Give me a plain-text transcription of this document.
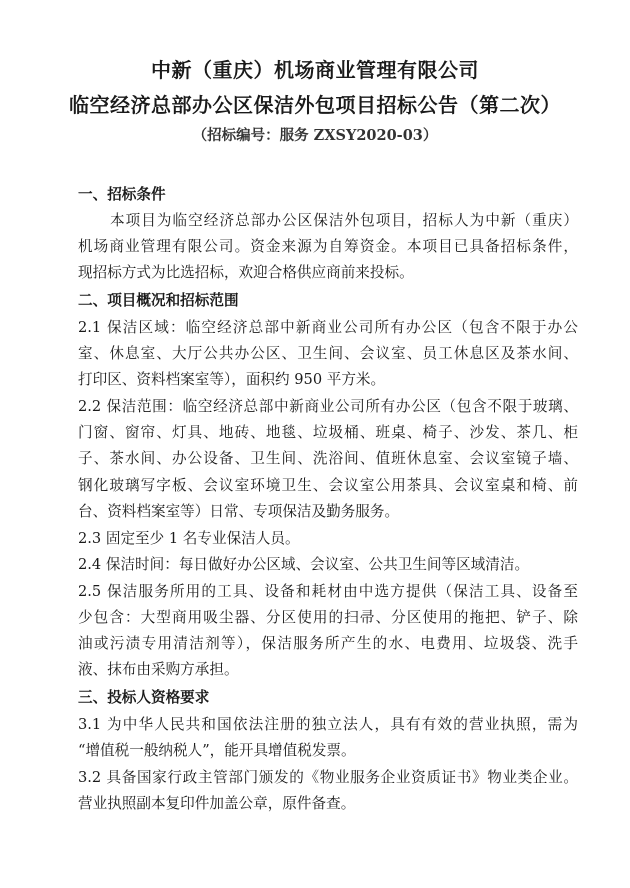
中新（重庆）机场商业管理有限公司
临空经济总部办公区保洁外包项目招标公告（第二次）
（招标编号：服务 ZXSY2020-03）
一、招标条件
本项目为临空经济总部办公区保洁外包项目，招标人为中新（重庆）
机场商业管理有限公司。资金来源为自筹资金。本项目已具备招标条件，
现招标方式为比选招标，欢迎合格供应商前来投标。
二、项目概况和招标范围
2.1 保洁区域：临空经济总部中新商业公司所有办公区（包含不限于办公
室、休息室、大厅公共办公区、卫生间、会议室、员工休息区及茶水间、
打印区、资料档案室等），面积约 950 平方米。
2.2 保洁范围：临空经济总部中新商业公司所有办公区（包含不限于玻璃、
门窗、窗帘、灯具、地砖、地毯、垃圾桶、班桌、椅子、沙发、茶几、柜
子、茶水间、办公设备、卫生间、洗浴间、值班休息室、会议室镜子墙、
钢化玻璃写字板、会议室环境卫生、会议室公用茶具、会议室桌和椅、前
台、资料档案室等）日常、专项保洁及勤务服务。
2.3 固定至少 1 名专业保洁人员。
2.4 保洁时间：每日做好办公区域、会议室、公共卫生间等区域清洁。
2.5 保洁服务所用的工具、设备和耗材由中选方提供（保洁工具、设备至
少包含：大型商用吸尘器、分区使用的扫帚、分区使用的拖把、铲子、除
油或污渍专用清洁剂等），保洁服务所产生的水、电费用、垃圾袋、洗手
液、抹布由采购方承担。
三、投标人资格要求
3.1 为中华人民共和国依法注册的独立法人，具有有效的营业执照，需为
“增值税一般纳税人”，能开具增值税发票。
3.2 具备国家行政主管部门颁发的《物业服务企业资质证书》物业类企业。
营业执照副本复印件加盖公章，原件备查。
